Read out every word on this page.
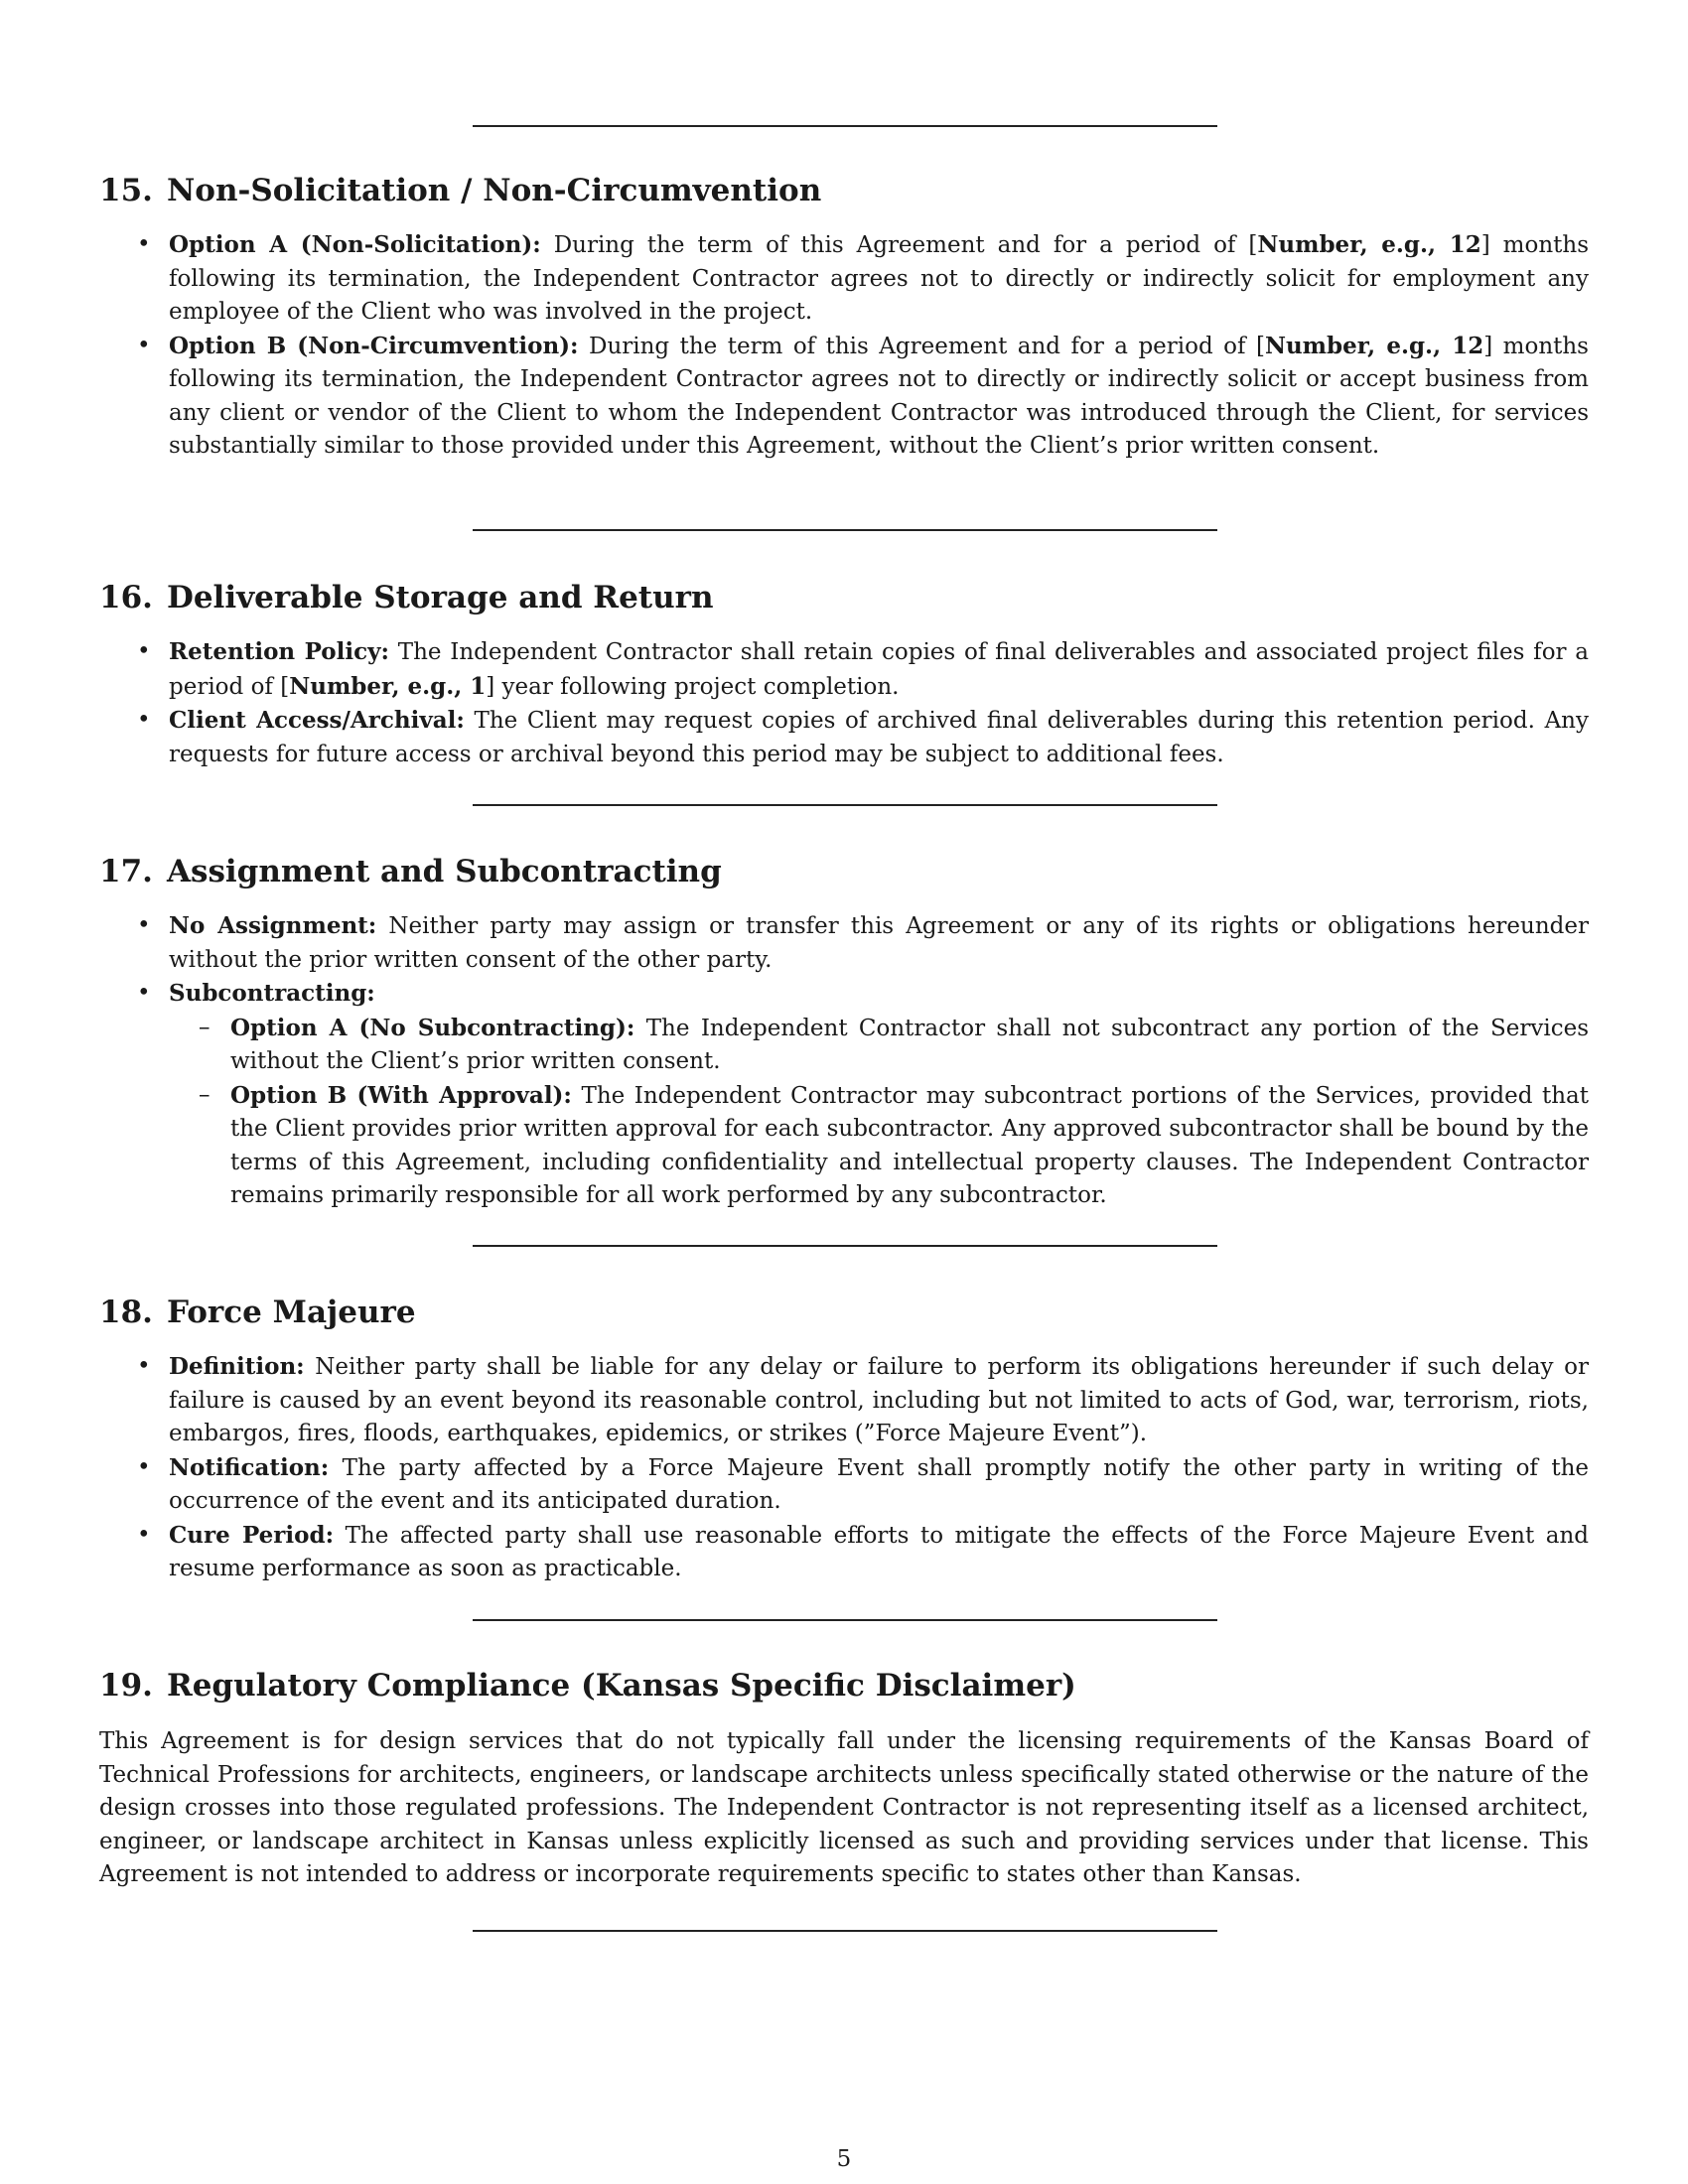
15. Non-Solicitation / Non-Circumvention
• Option A (Non-Solicitation): During the term of this Agreement and for a period of [Number, e.g., 12] months following its termination, the Independent Contractor agrees not to directly or indirectly solicit for employment any employee of the Client who was involved in the project.
• Option B (Non-Circumvention): During the term of this Agreement and for a period of [Number, e.g., 12] months following its termination, the Independent Contractor agrees not to directly or indirectly solicit or accept business from any client or vendor of the Client to whom the Independent Contractor was introduced through the Client, for services substantially similar to those provided under this Agreement, without the Client’s prior written consent.
16. Deliverable Storage and Return
• Retention Policy: The Independent Contractor shall retain copies of final deliverables and associated project files for a period of [Number, e.g., 1] year following project completion.
• Client Access/Archival: The Client may request copies of archived final deliverables during this retention period. Any requests for future access or archival beyond this period may be subject to additional fees.
17. Assignment and Subcontracting
• No Assignment: Neither party may assign or transfer this Agreement or any of its rights or obligations hereunder without the prior written consent of the other party.
• Subcontracting:
– Option A (No Subcontracting): The Independent Contractor shall not subcontract any portion of the Services without the Client’s prior written consent.
– Option B (With Approval): The Independent Contractor may subcontract portions of the Services, provided that the Client provides prior written approval for each subcontractor. Any approved subcontractor shall be bound by the terms of this Agreement, including confidentiality and intellectual property clauses. The Independent Contractor remains primarily responsible for all work performed by any subcontractor.
18. Force Majeure
• Definition: Neither party shall be liable for any delay or failure to perform its obligations hereunder if such delay or failure is caused by an event beyond its reasonable control, including but not limited to acts of God, war, terrorism, riots, embargos, fires, floods, earthquakes, epidemics, or strikes (”Force Majeure Event”).
• Notification: The party affected by a Force Majeure Event shall promptly notify the other party in writing of the occurrence of the event and its anticipated duration.
• Cure Period: The affected party shall use reasonable efforts to mitigate the effects of the Force Majeure Event and resume performance as soon as practicable.
19. Regulatory Compliance (Kansas Specific Disclaimer)

This Agreement is for design services that do not typically fall under the licensing requirements of the Kansas Board of Technical Professions for architects, engineers, or landscape architects unless specifically stated otherwise or the nature of the design crosses into those regulated professions. The Independent Contractor is not representing itself as a licensed architect, engineer, or landscape architect in Kansas unless explicitly licensed as such and providing services under that license. This Agreement is not intended to address or incorporate requirements specific to states other than Kansas.

5
